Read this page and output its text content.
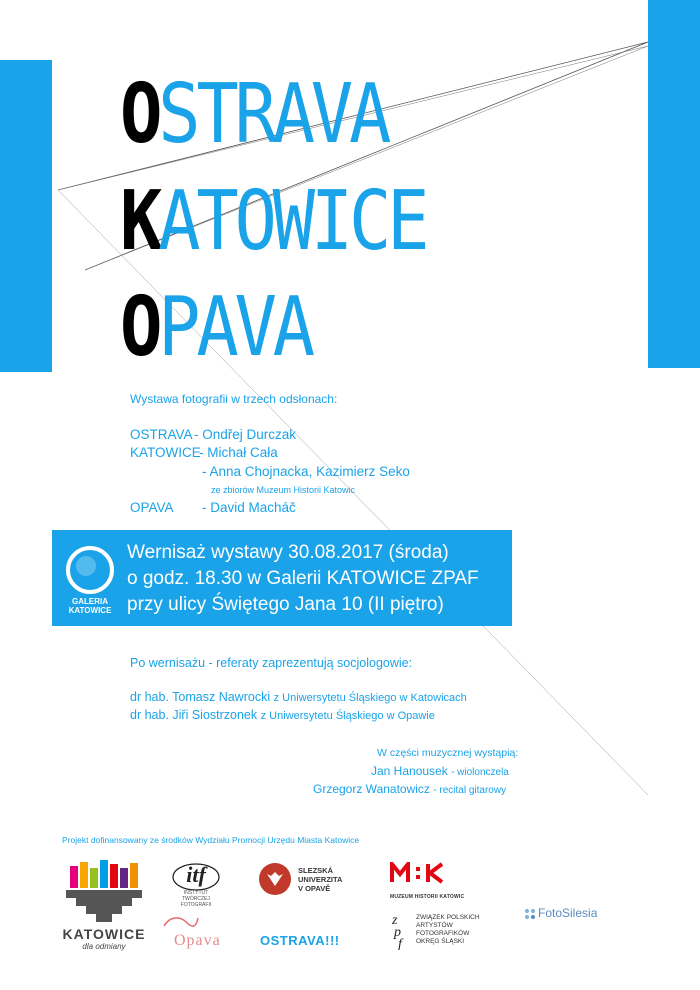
OSTRAVA
KATOWICE
OPAVA
Wystawa fotografii w trzech odsłonach:
OSTRAVA - Ondřej Durczak
KATOWICE
- Michał Cała
- Anna Chojnacka, Kazimierz Seko
ze zbiorów Muzeum Historii Katowic
OPAVA - David Macháč
GALERIA
KATOWICE
Wernisaż wystawy 30.08.2017 (środa)
o godz. 18.30 w Galerii KATOWICE ZPAF
przy ulicy Świętego Jana 10 (II piętro)
Po wernisażu - referaty zaprezentują socjologowie:
dr hab. Tomasz Nawrocki z Uniwersytetu Śląskiego w Katowicach
dr hab. Jiři Siostrzonek z Uniwersytetu Śląskiego w Opawie
W części muzycznej wystąpią:
Jan Hanousek - wiolonczela
Grzegorz Wanatowicz - recital gitarowy
Projekt dofinansowany ze środków Wydziału Promocji Urzędu Miasta Katowice
KATOWICE
dla odmiany
itf
INSTYTUT
TWÓRCZEJ FOTOGRAFII
Opava
SLEZSKÁ
UNIVERZITA
V OPAVĚ
OSTRAVA!!!
MUZEUM HISTORII KATOWIC
z
p
f
ZWIĄZEK POLSKICH
ARTYSTÓW
FOTOGRAFIKÓW
OKRĘG ŚLĄSKI
FotoSilesia
